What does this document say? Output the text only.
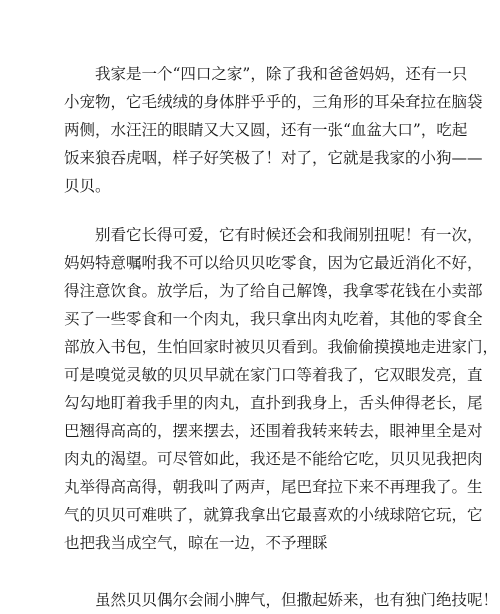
我家是一个“四口之家”，除了我和爸爸妈妈，还有一只
小宠物，它毛绒绒的身体胖乎乎的，三角形的耳朵耷拉在脑袋
两侧，水汪汪的眼睛又大又圆，还有一张“血盆大口”，吃起
饭来狼吞虎咽，样子好笑极了！对了，它就是我家的小狗——
贝贝。
别看它长得可爱，它有时候还会和我闹别扭呢！有一次，
妈妈特意嘱咐我不可以给贝贝吃零食，因为它最近消化不好，
得注意饮食。放学后，为了给自己解馋，我拿零花钱在小卖部
买了一些零食和一个肉丸，我只拿出肉丸吃着，其他的零食全
部放入书包，生怕回家时被贝贝看到。我偷偷摸摸地走进家门，
可是嗅觉灵敏的贝贝早就在家门口等着我了，它双眼发亮，直
勾勾地盯着我手里的肉丸，直扑到我身上，舌头伸得老长，尾
巴翘得高高的，摆来摆去，还围着我转来转去，眼神里全是对
肉丸的渴望。可尽管如此，我还是不能给它吃，贝贝见我把肉
丸举得高高得，朝我叫了两声，尾巴耷拉下来不再理我了。生
气的贝贝可难哄了，就算我拿出它最喜欢的小绒球陪它玩，它
也把我当成空气，晾在一边，不予理睬
虽然贝贝偶尔会闹小脾气，但撒起娇来，也有独门绝技呢！
